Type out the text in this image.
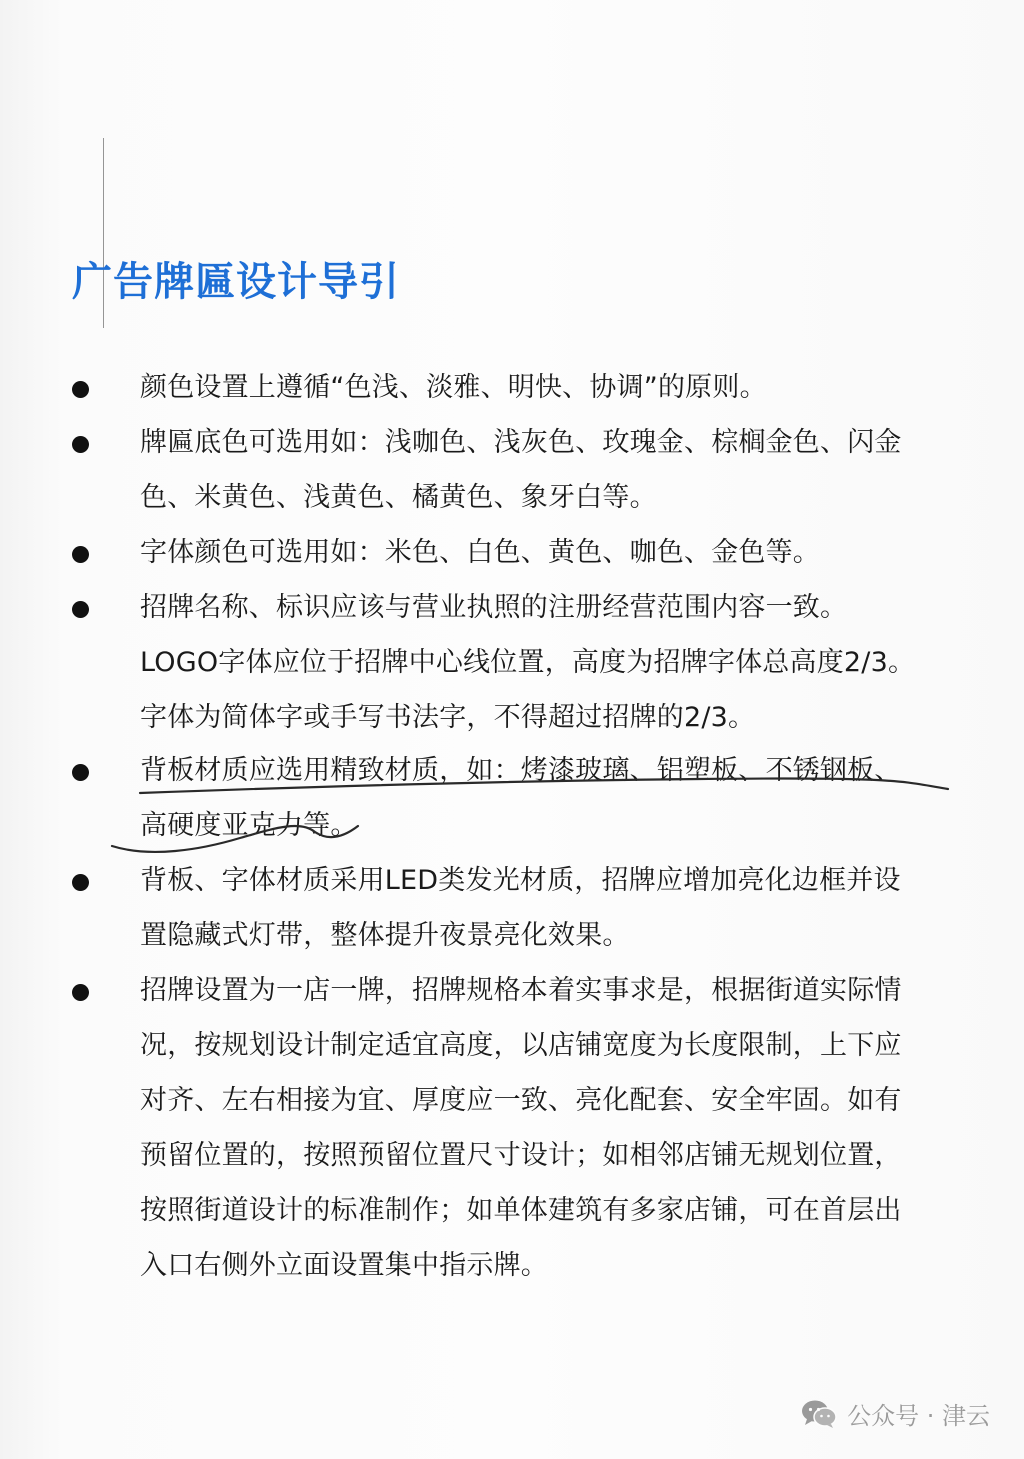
广告牌匾设计导引
颜色设置上遵循“色浅、淡雅、明快、协调”的原则。
牌匾底色可选用如：浅咖色、浅灰色、玫瑰金、棕榈金色、闪金
色、米黄色、浅黄色、橘黄色、象牙白等。
字体颜色可选用如：米色、白色、黄色、咖色、金色等。
招牌名称、标识应该与营业执照的注册经营范围内容一致。
LOGO字体应位于招牌中心线位置，高度为招牌字体总高度2/3。
字体为简体字或手写书法字，不得超过招牌的2/3。
背板材质应选用精致材质，如：烤漆玻璃、铝塑板、不锈钢板、
高硬度亚克力等。
背板、字体材质采用LED类发光材质，招牌应增加亮化边框并设
置隐藏式灯带，整体提升夜景亮化效果。
招牌设置为一店一牌，招牌规格本着实事求是，根据街道实际情
况，按规划设计制定适宜高度，以店铺宽度为长度限制，上下应
对齐、左右相接为宜、厚度应一致、亮化配套、安全牢固。如有
预留位置的，按照预留位置尺寸设计；如相邻店铺无规划位置，
按照街道设计的标准制作；如单体建筑有多家店铺，可在首层出
入口右侧外立面设置集中指示牌。
公众号 · 津云
